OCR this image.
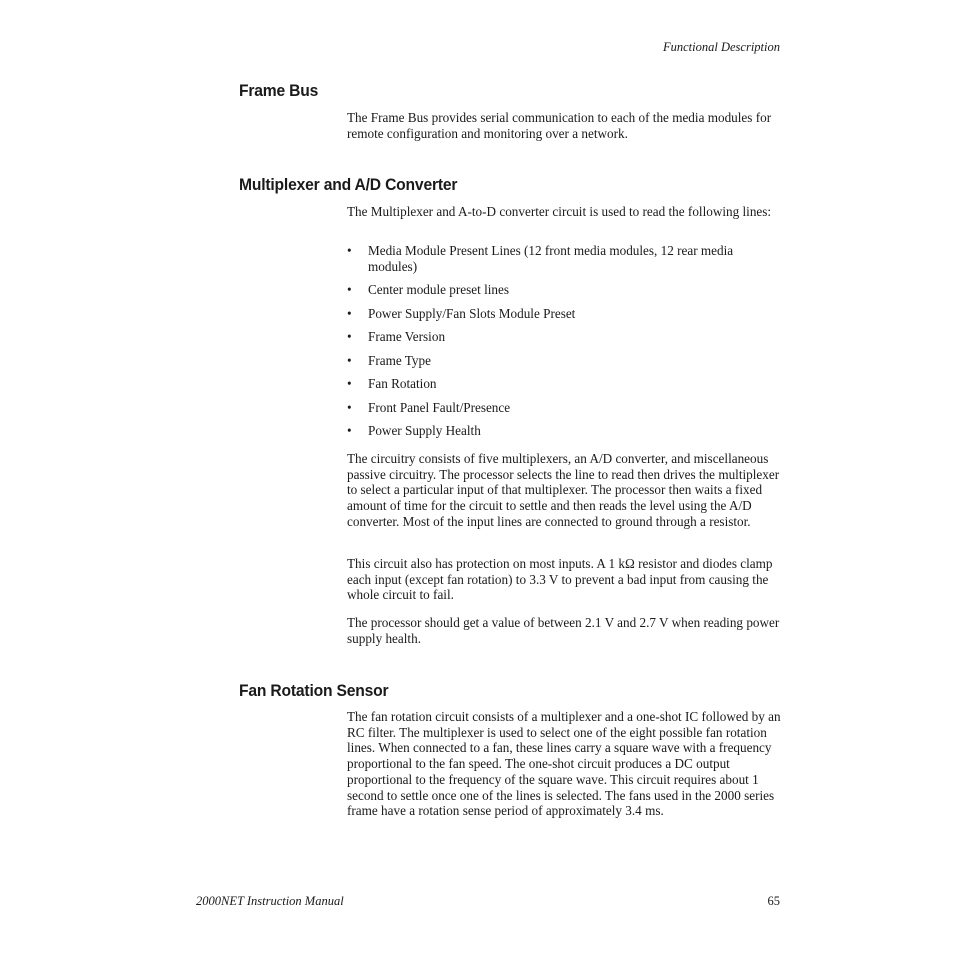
Functional Description
Frame Bus

The Frame Bus provides serial communication to each of the media modules for remote configuration and monitoring over a network.

Multiplexer and A/D Converter

The Multiplexer and A-to-D converter circuit is used to read the following lines:

• Media Module Present Lines (12 front media modules, 12 rear media modules)
• Center module preset lines
• Power Supply/Fan Slots Module Preset
• Frame Version
• Frame Type
• Fan Rotation
• Front Panel Fault/Presence
• Power Supply Health

The circuitry consists of five multiplexers, an A/D converter, and miscellaneous passive circuitry. The processor selects the line to read then drives the multiplexer to select a particular input of that multiplexer. The processor then waits a fixed amount of time for the circuit to settle and then reads the level using the A/D converter. Most of the input lines are connected to ground through a resistor.

This circuit also has protection on most inputs. A 1 kΩ resistor and diodes clamp each input (except fan rotation) to 3.3 V to prevent a bad input from causing the whole circuit to fail.

The processor should get a value of between 2.1 V and 2.7 V when reading power supply health.

Fan Rotation Sensor

The fan rotation circuit consists of a multiplexer and a one-shot IC followed by an RC filter. The multiplexer is used to select one of the eight possible fan rotation lines. When connected to a fan, these lines carry a square wave with a frequency proportional to the fan speed. The one-shot circuit produces a DC output proportional to the frequency of the square wave. This circuit requires about 1 second to settle once one of the lines is selected. The fans used in the 2000 series frame have a rotation sense period of approximately 3.4 ms.

2000NET Instruction Manual	65
